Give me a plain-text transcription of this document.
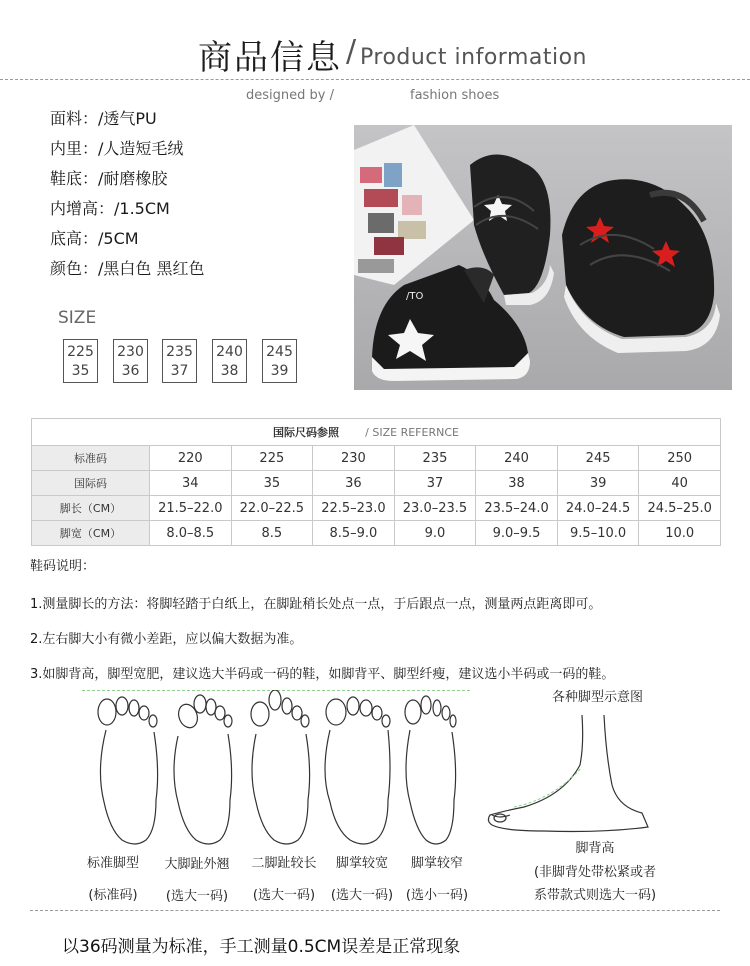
商品信息 / Product information
designed by /	fashion shoes
面料：/透气PU
内里：/人造短毛绒
鞋底：/耐磨橡胶
内增高：/1.5CM
底高：/5CM
颜色：/黑白色 黑红色
SIZE
225
35
230
36
235
37
240
38
245
39
/TO
国际尺码参照 / SIZE REFERNCE							
标准码	220	225	230	235	240	245	250
国际码	34	35	36	37	38	39	40
脚长（CM）	21.5–22.0	22.0–22.5	22.5–23.0	23.0–23.5	23.5–24.0	24.0–24.5	24.5–25.0
脚宽（CM）	8.0–8.5	8.5	8.5–9.0	9.0	9.0–9.5	9.5–10.0	10.0
鞋码说明：
1.测量脚长的方法：将脚轻踏于白纸上，在脚趾稍长处点一点，于后跟点一点，测量两点距离即可。
2.左右脚大小有微小差距，应以偏大数据为准。
3.如脚背高，脚型宽肥，建议选大半码或一码的鞋，如脚背平、脚型纤瘦，建议选小半码或一码的鞋。
各种脚型示意图
标准脚型
(标准码)
大脚趾外翘
(选大一码)
二脚趾较长
(选大一码)
脚掌较宽
(选大一码)
脚掌较窄
(选小一码)
脚背高
(非脚背处带松紧或者
系带款式则选大一码)
以36码测量为标准，手工测量0.5CM误差是正常现象
